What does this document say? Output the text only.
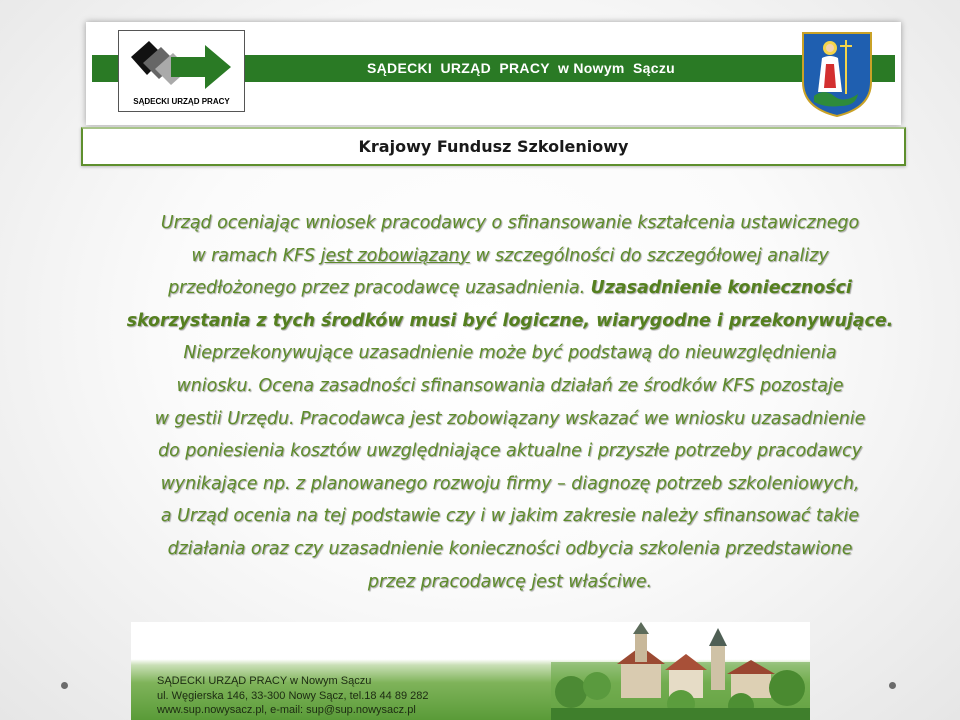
SĄDECKI  URZĄD  PRACY  w Nowym  Sączu
SĄDECKI URZĄD PRACY
Krajowy Fundusz Szkoleniowy
Urząd oceniając wniosek pracodawcy o sfinansowanie kształcenia ustawicznego
w ramach KFS jest zobowiązany w szczególności do szczegółowej analizy
przedłożonego przez pracodawcę uzasadnienia. Uzasadnienie konieczności
skorzystania z tych środków musi być logiczne, wiarygodne i przekonywujące.
Nieprzekonywujące uzasadnienie może być podstawą do nieuwzględnienia
wniosku. Ocena zasadności sfinansowania działań ze środków KFS pozostaje
w gestii Urzędu. Pracodawca jest zobowiązany wskazać we wniosku uzasadnienie
do poniesienia kosztów uwzględniające aktualne i przyszłe potrzeby pracodawcy
wynikające np. z planowanego rozwoju firmy – diagnozę potrzeb szkoleniowych,
a Urząd ocenia na tej podstawie czy i w jakim zakresie należy sfinansować takie
działania oraz czy uzasadnienie konieczności odbycia szkolenia przedstawione
przez pracodawcę jest właściwe.
SĄDECKI URZĄD PRACY w Nowym Sączu
ul. Węgierska 146, 33-300 Nowy Sącz, tel.18 44 89 282
www.sup.nowysacz.pl, e-mail: sup@sup.nowysacz.pl
